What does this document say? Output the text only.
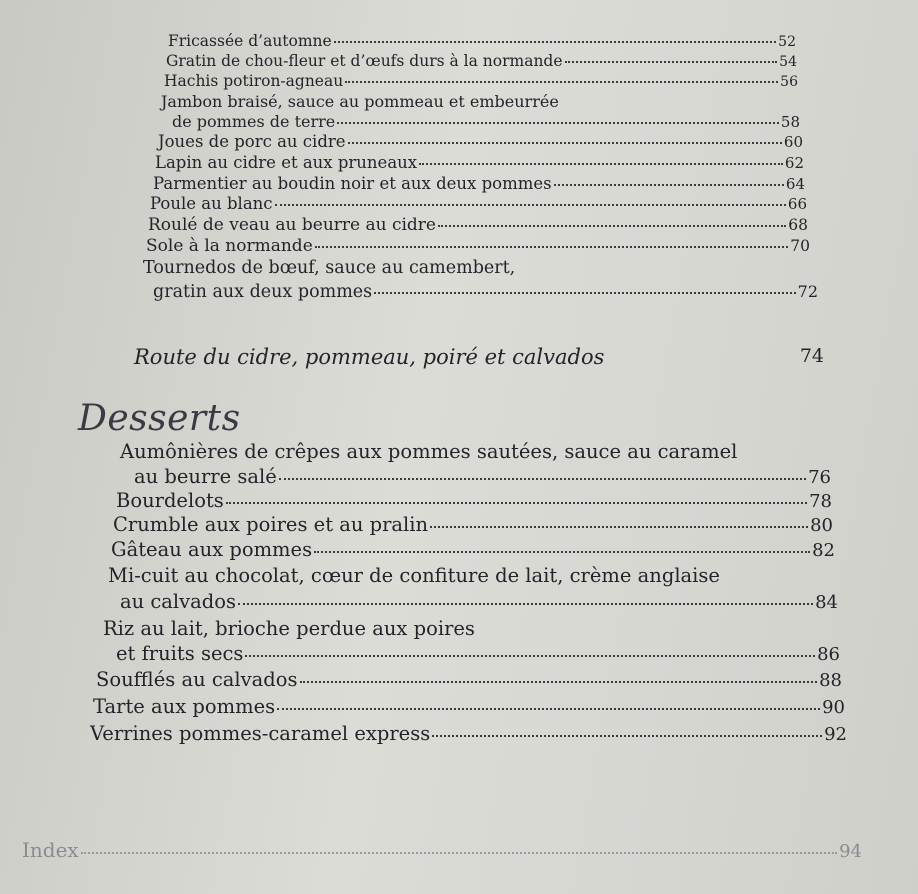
Fricassée d’automne	52
Gratin de chou-fleur et d’œufs durs à la normande	54
Hachis potiron-agneau	56
Jambon braisé, sauce au pommeau et embeurrée
de pommes de terre	58
Joues de porc au cidre	60
Lapin au cidre et aux pruneaux	62
Parmentier au boudin noir et aux deux pommes	64
Poule au blanc	66
Roulé de veau au beurre au cidre	68
Sole à la normande	70
Tournedos de bœuf, sauce au camembert,
gratin aux deux pommes	72
Route du cidre, pommeau, poiré et calvados	74
Desserts
Aumônières de crêpes aux pommes sautées, sauce au caramel
au beurre salé	76
Bourdelots	78
Crumble aux poires et au pralin	80
Gâteau aux pommes	82
Mi-cuit au chocolat, cœur de confiture de lait, crème anglaise
au calvados	84
Riz au lait, brioche perdue aux poires
et fruits secs	86
Soufflés au calvados	88
Tarte aux pommes	90
Verrines pommes-caramel express	92
Index	94
